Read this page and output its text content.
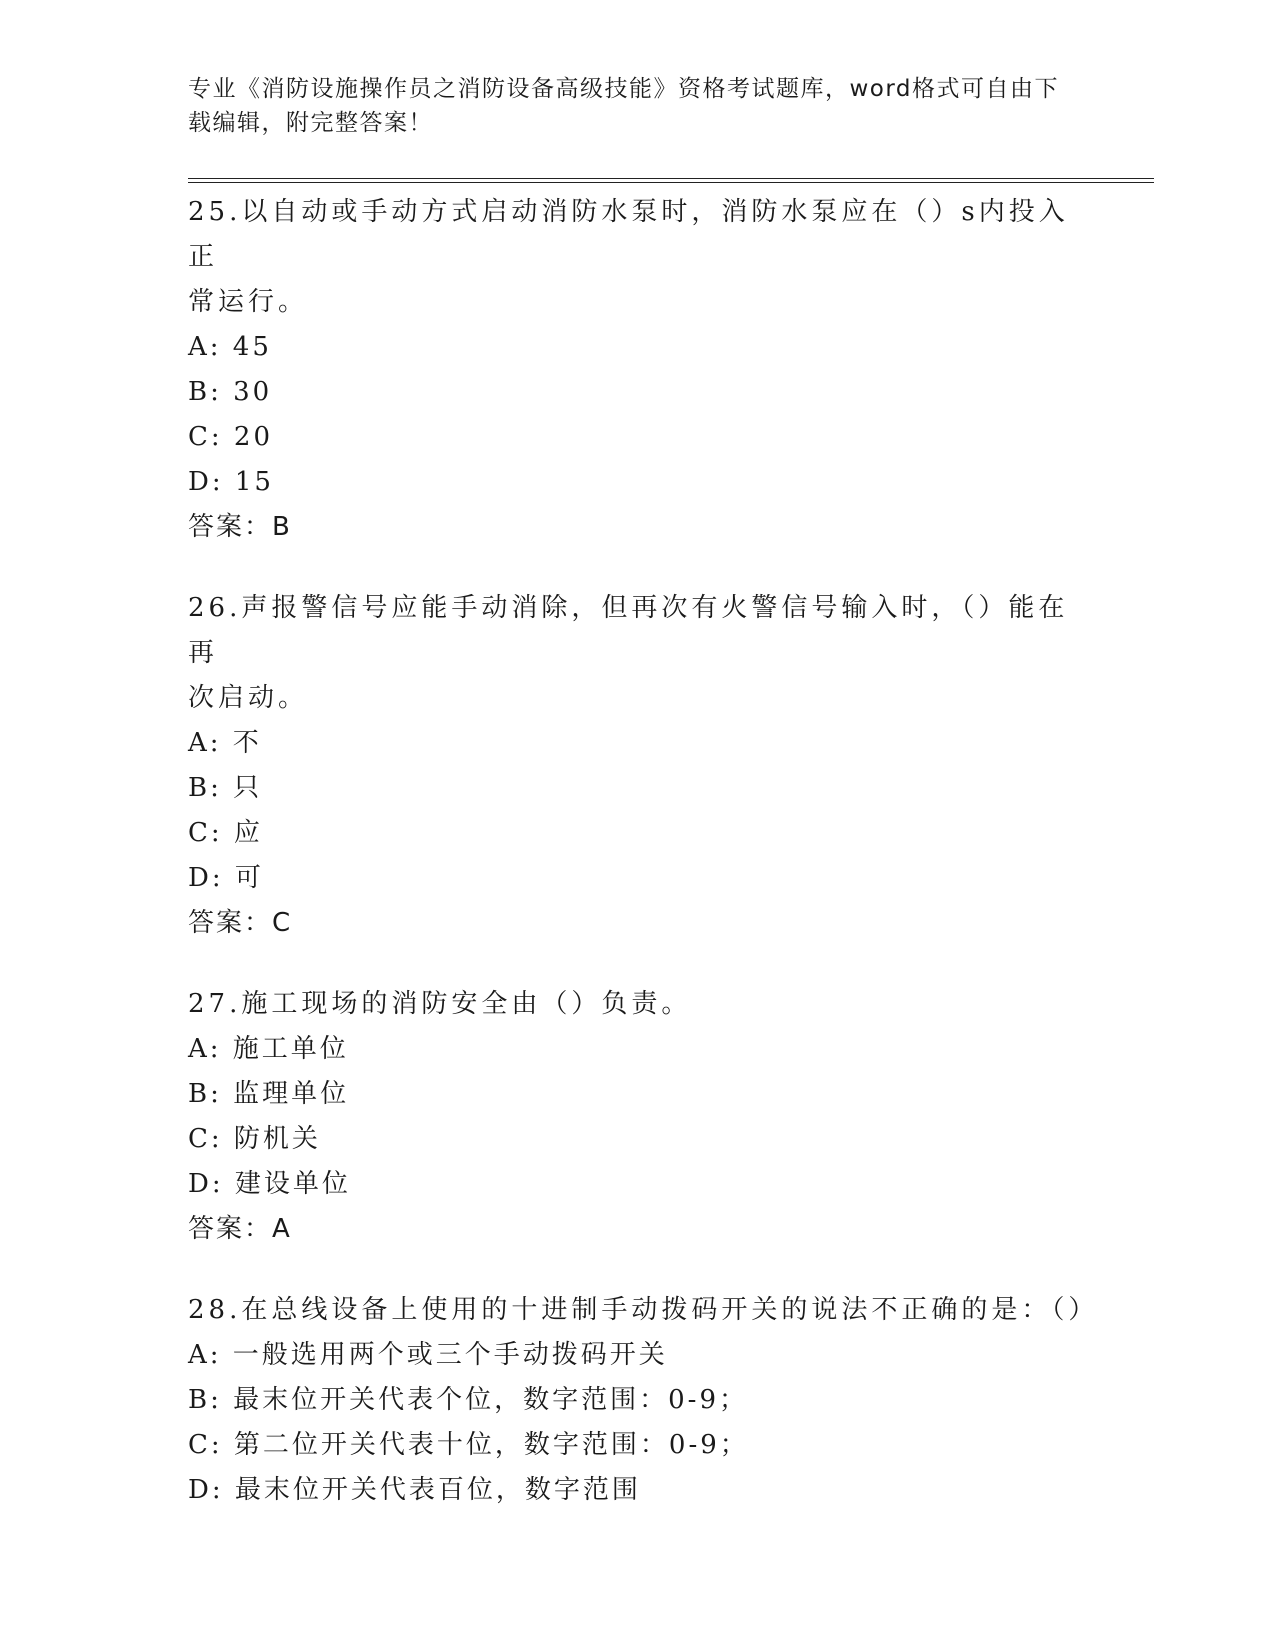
专业《消防设施操作员之消防设备高级技能》资格考试题库，word格式可自由下
载编辑，附完整答案！
25.以自动或手动方式启动消防水泵时，消防水泵应在（）s内投入正
常运行。
A: 45
B: 30
C: 20
D: 15
答案：B
26.声报警信号应能手动消除，但再次有火警信号输入时，（）能在再
次启动。
A: 不
B: 只
C: 应
D: 可
答案：C
27.施工现场的消防安全由（）负责。
A: 施工单位
B: 监理单位
C: 防机关
D: 建设单位
答案：A
28.在总线设备上使用的十进制手动拨码开关的说法不正确的是：（）
A: 一般选用两个或三个手动拨码开关
B: 最末位开关代表个位，数字范围：0-9；
C: 第二位开关代表十位，数字范围：0-9；
D: 最末位开关代表百位，数字范围
